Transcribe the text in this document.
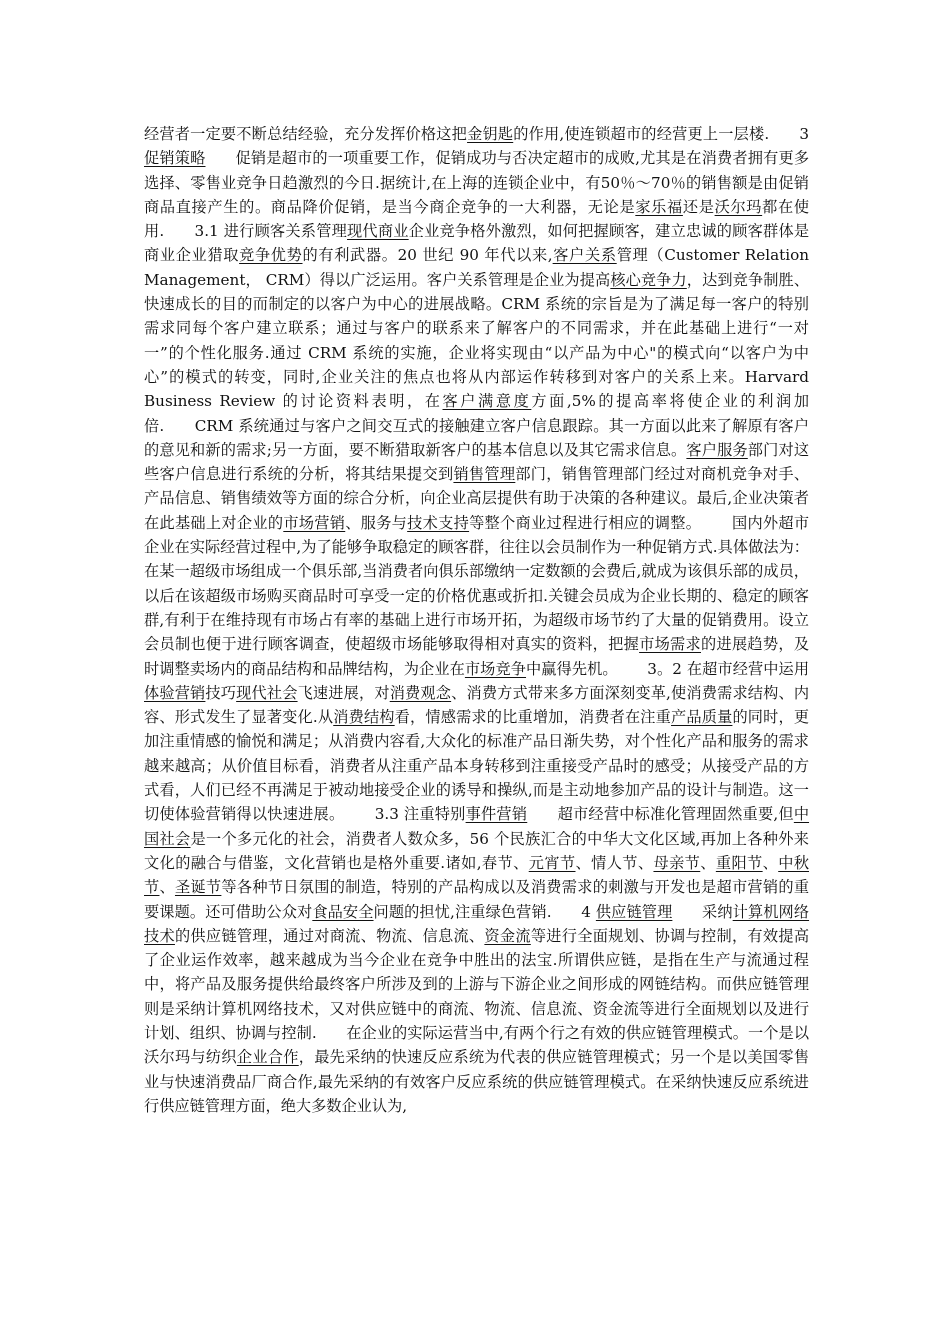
经营者一定要不断总结经验，充分发挥价格这把金钥匙的作用,使连锁超市的经营更上一层楼. 3 促销策略 促销是超市的一项重要工作，促销成功与否决定超市的成败,尤其是在消费者拥有更多选择、零售业竞争日趋激烈的今日.据统计,在上海的连锁企业中，有50％～70％的销售额是由促销商品直接产生的。商品降价促销，是当今商企竞争的一大利器，无论是家乐福还是沃尔玛都在使用. 3.1 进行顾客关系管理现代商业企业竞争格外激烈，如何把握顾客，建立忠诚的顾客群体是商业企业猎取竞争优势的有利武器。20 世纪 90 年代以来,客户关系管理（Customer Relation Management， CRM）得以广泛运用。客户关系管理是企业为提高核心竞争力，达到竞争制胜、快速成长的目的而制定的以客户为中心的进展战略。CRM 系统的宗旨是为了满足每一客户的特别需求同每个客户建立联系；通过与客户的联系来了解客户的不同需求，并在此基础上进行“一对一”的个性化服务.通过 CRM 系统的实施，企业将实现由“以产品为中心"的模式向“以客户为中心”的模式的转变，同时,企业关注的焦点也将从内部运作转移到对客户的关系上来。Harvard Business Review 的讨论资料表明，在客户满意度方面,5%的提高率将使企业的利润加倍. CRM 系统通过与客户之间交互式的接触建立客户信息跟踪。其一方面以此来了解原有客户的意见和新的需求;另一方面，要不断猎取新客户的基本信息以及其它需求信息。客户服务部门对这些客户信息进行系统的分析，将其结果提交到销售管理部门，销售管理部门经过对商机竞争对手、产品信息、销售绩效等方面的综合分析，向企业高层提供有助于决策的各种建议。最后,企业决策者在此基础上对企业的市场营销、服务与技术支持等整个商业过程进行相应的调整。 国内外超市企业在实际经营过程中,为了能够争取稳定的顾客群，往往以会员制作为一种促销方式.具体做法为：在某一超级市场组成一个俱乐部,当消费者向俱乐部缴纳一定数额的会费后,就成为该俱乐部的成员，以后在该超级市场购买商品时可享受一定的价格优惠或折扣.关键会员成为企业长期的、稳定的顾客群,有利于在维持现有市场占有率的基础上进行市场开拓，为超级市场节约了大量的促销费用。设立会员制也便于进行顾客调查，使超级市场能够取得相对真实的资料，把握市场需求的进展趋势，及时调整卖场内的商品结构和品牌结构，为企业在市场竞争中赢得先机。 3。2 在超市经营中运用体验营销技巧现代社会飞速进展，对消费观念、消费方式带来多方面深刻变革,使消费需求结构、内容、形式发生了显著变化.从消费结构看，情感需求的比重增加，消费者在注重产品质量的同时，更加注重情感的愉悦和满足；从消费内容看,大众化的标准产品日渐失势，对个性化产品和服务的需求越来越高；从价值目标看，消费者从注重产品本身转移到注重接受产品时的感受；从接受产品的方式看，人们已经不再满足于被动地接受企业的诱导和操纵,而是主动地参加产品的设计与制造。这一切使体验营销得以快速进展。 3.3 注重特别事件营销 超市经营中标准化管理固然重要,但中国社会是一个多元化的社会，消费者人数众多，56 个民族汇合的中华大文化区域,再加上各种外来文化的融合与借鉴，文化营销也是格外重要.诸如,春节、元宵节、情人节、母亲节、重阳节、中秋节、圣诞节等各种节日氛围的制造，特别的产品构成以及消费需求的刺激与开发也是超市营销的重要课题。还可借助公众对食品安全问题的担忧,注重绿色营销. 4 供应链管理 采纳计算机网络技术的供应链管理，通过对商流、物流、信息流、资金流等进行全面规划、协调与控制，有效提高了企业运作效率，越来越成为当今企业在竞争中胜出的法宝.所谓供应链，是指在生产与流通过程中，将产品及服务提供给最终客户所涉及到的上游与下游企业之间形成的网链结构。而供应链管理则是采纳计算机网络技术，又对供应链中的商流、物流、信息流、资金流等进行全面规划以及进行计划、组织、协调与控制. 在企业的实际运营当中,有两个行之有效的供应链管理模式。一个是以沃尔玛与纺织企业合作，最先采纳的快速反应系统为代表的供应链管理模式；另一个是以美国零售业与快速消费品厂商合作,最先采纳的有效客户反应系统的供应链管理模式。在采纳快速反应系统进行供应链管理方面，绝大多数企业认为,
